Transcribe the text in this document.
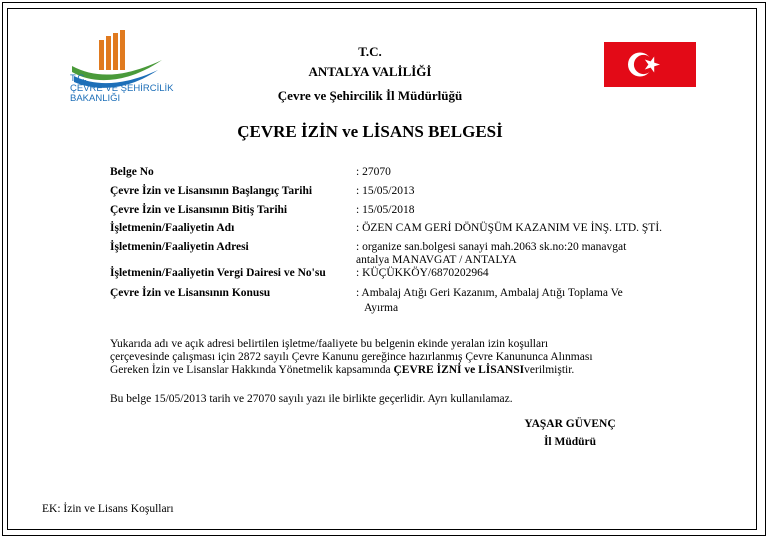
T.C.
ÇEVRE VE ŞEHİRCİLİK
BAKANLIĞI
T.C.
ANTALYA VALİLİĞİ
Çevre ve Şehircilik İl Müdürlüğü
ÇEVRE İZİN ve LİSANS BELGESİ
Belge No	: 27070
Çevre İzin ve Lisansının Başlangıç Tarihi	: 15/05/2013
Çevre İzin ve Lisansının Bitiş Tarihi	: 15/05/2018
İşletmenin/Faaliyetin Adı	: ÖZEN CAM GERİ DÖNÜŞÜM KAZANIM VE İNŞ. LTD. ŞTİ.
İşletmenin/Faaliyetin Adresi	: organize san.bolgesi sanayi mah.2063 sk.no:20 manavgat
antalya MANAVGAT / ANTALYA
İşletmenin/Faaliyetin Vergi Dairesi ve No'su	: KÜÇÜKKÖY/6870202964
Çevre İzin ve Lisansının Konusu	: Ambalaj Atığı Geri Kazanım, Ambalaj Atığı Toplama Ve
Ayırma
Yukarıda adı ve açık adresi belirtilen işletme/faaliyete bu belgenin ekinde yeralan izin koşulları
çerçevesinde çalışması için 2872 sayılı Çevre Kanunu gereğince hazırlanmış Çevre Kanununca Alınması
Gereken İzin ve Lisanslar Hakkında Yönetmelik kapsamında ÇEVRE İZNİ ve LİSANSIverilmiştir.
Bu belge 15/05/2013 tarih ve 27070 sayılı yazı ile birlikte geçerlidir. Ayrı kullanılamaz.
YAŞAR GÜVENÇ
İl Müdürü
EK: İzin ve Lisans Koşulları
